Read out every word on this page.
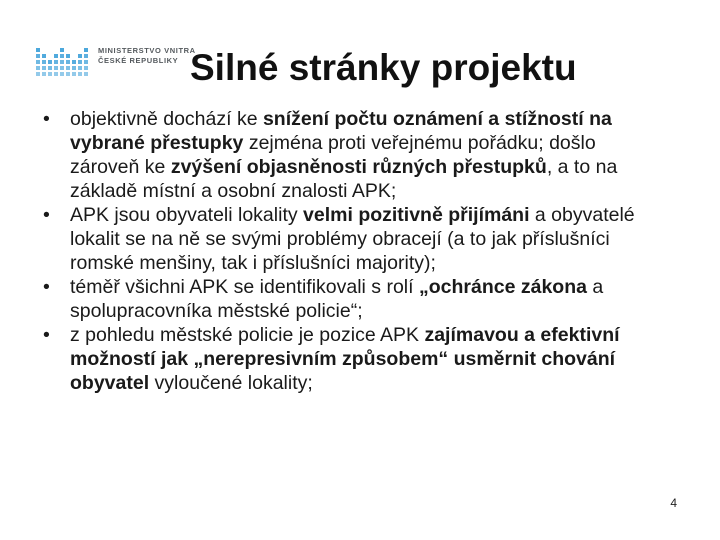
MINISTERSTVO VNITRA
ČESKÉ REPUBLIKY Silné stránky projektu
• objektivně dochází ke snížení počtu oznámení a stížností na vybrané přestupky zejména proti veřejnému pořádku; došlo zároveň ke zvýšení objasněnosti různých přestupků, a to na základě místní a osobní znalosti APK;
• APK jsou obyvateli lokality velmi pozitivně přijímáni a obyvatelé lokalit se na ně se svými problémy obracejí (a to jak příslušníci romské menšiny, tak i příslušníci majority);
• téměř všichni APK se identifikovali s rolí „ochránce zákona a spolupracovníka městské policie“;
• z pohledu městské policie je pozice APK zajímavou a efektivní možností jak „nerepresivním způsobem“ usměrnit chování obyvatel vyloučené lokality;
4
